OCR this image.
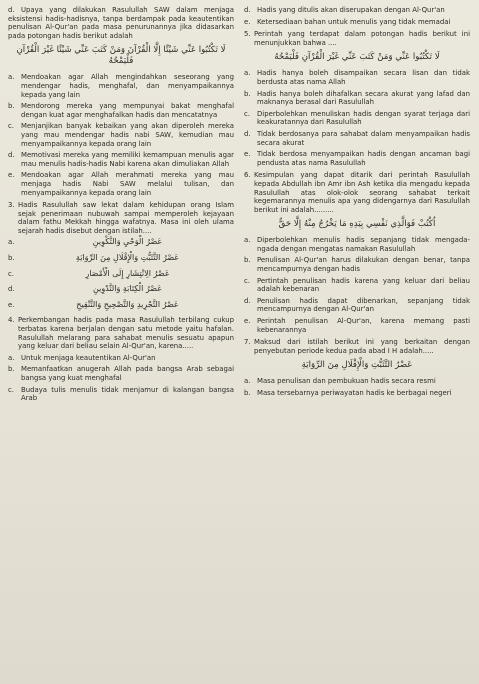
d. Upaya yang dilakukan Rasulullah SAW dalam menjaga eksistensi hadis-hadisnya, tanpa berdampak pada keautentikan penulisan Al-Qur'an pada masa penurunannya jika didasarkan pada potongan hadis berikut adalah
لَا تَكْتُبُوا عَنِّي شَيْئًا إِلَّا الْقُرْآنَ وَمَنْ كَتَبَ عَنِّي شَيْئًا غَيْرَ الْقُرْآنِ فَلْيَمْحُهُ
a. Mendoakan agar Allah mengindahkan seseorang yang mendengar hadis, menghafal, dan menyampaikannya kepada yang lain
b. Mendorong mereka yang mempunyai bakat menghafal dengan kuat agar menghafalkan hadis dan mencatatnya
c.	Menjanjikan banyak kebaikan yang akan diperoleh mereka yang mau mendengar hadis nabi SAW, kemudian mau menyampaikannya kepada orang lain
d. Memotivasi mereka yang memiliki kemampuan menulis agar mau menulis hadis-hadis Nabi karena akan dimuliakan Allah
e. Mendoakan agar Allah merahmati mereka yang mau menjaga hadis Nabi SAW melalui tulisan, dan menyampaikannya kepada orang lain
3. Hadis Rasulullah saw lekat dalam kehidupan orang Islam sejak penerimaan nubuwah sampai memperoleh kejayaan dalam fathu Mekkah hingga wafatnya. Masa ini oleh ulama sejarah hadis disebut dengan istilah....
a.	عَصْرُ الْوَحْيِ وَالتَّكْوِينِ
b.	عَصْرُ التَّثَبُّتِ وَالْإِقْلَالِ مِنَ الرِّوَايَةِ
c.	عَصْرُ الِانْتِشَارِ إِلَى الْأَمْصَارِ
d.	عَصْرُ الْكِتَابَةِ وَالتَّدْوِينِ
e.	عَصْرُ التَّجْرِيدِ وَالتَّصْحِيحِ وَالتَّنْقِيحِ
4. Perkembangan hadis pada masa Rasulullah terbilang cukup terbatas karena berjalan dengan satu metode yaitu hafalan. Rasulullah melarang para sahabat menulis sesuatu apapun yang keluar dari beliau selain Al-Qur'an, karena.....
a. Untuk menjaga keautentikan Al-Qur'an
b. Memanfaatkan anugerah Allah pada bangsa Arab sebagai bangsa yang kuat menghafal
c.	Budaya tulis menulis tidak menjamur di kalangan bangsa Arab
d. Hadis yang ditulis akan diserupakan dengan Al-Qur'an
e. Ketersediaan bahan untuk menulis yang tidak memadai
5. Perintah yang terdapat dalam potongan hadis berikut ini menunjukkan bahwa ....
لَا تَكْتُبُوا عَنِّي وَمَنْ كَتَبَ عَنِّي غَيْرَ الْقُرْآنِ فَلْيَمْحُهُ
a. Hadis hanya boleh disampaikan secara lisan dan tidak berdusta atas nama Allah
b. Hadis hanya boleh dihafalkan secara akurat yang lafad dan maknanya berasal dari Rasulullah
c.	Diperbolehkan menuliskan hadis dengan syarat terjaga dari keakuratannya dari Rasulullah
d. Tidak berdosanya para sahabat dalam menyampaikan hadis secara akurat
e. Tidak berdosa menyampaikan hadis dengan ancaman bagi pendusta atas nama Rasulullah
6. Kesimpulan yang dapat ditarik dari perintah Rasulullah kepada Abdullah ibn Amr ibn Ash ketika dia mengadu kepada Rasulullah atas olok-olok seorang sahabat terkait kegemarannya menulis apa yang didengarnya dari Rasulullah berikut ini adalah.........
اُكْتُبْ فَوَالَّذِي نَفْسِي بِيَدِهِ مَا يَخْرُجُ مِنْهُ إِلَّا حَقٌّ
a. Diperbolehkan menulis hadis sepanjang tidak mengada-ngada dengan mengatas namakan Rasulullah
b. Penulisan Al-Qur'an harus dilakukan dengan benar, tanpa mencampurnya dengan hadis
c.	Pertintah penulisan hadis karena yang keluar dari beliau adalah kebenaran
d. Penulisan hadis dapat dibenarkan, sepanjang tidak mencampurnya dengan Al-Qur'an
e. Perintah penulisan Al-Qur'an, karena memang pasti kebenarannya
7. Maksud dari istilah berikut ini yang berkaitan dengan penyebutan periode kedua pada abad I H adalah.....
عَصْرُ التَّثَبُّتِ وَالْإِقْلَالِ مِنَ الرِّوَايَةِ
a. Masa penulisan dan pembukuan hadis secara resmi
b. Masa tersebarnya periwayatan hadis ke berbagai negeri
